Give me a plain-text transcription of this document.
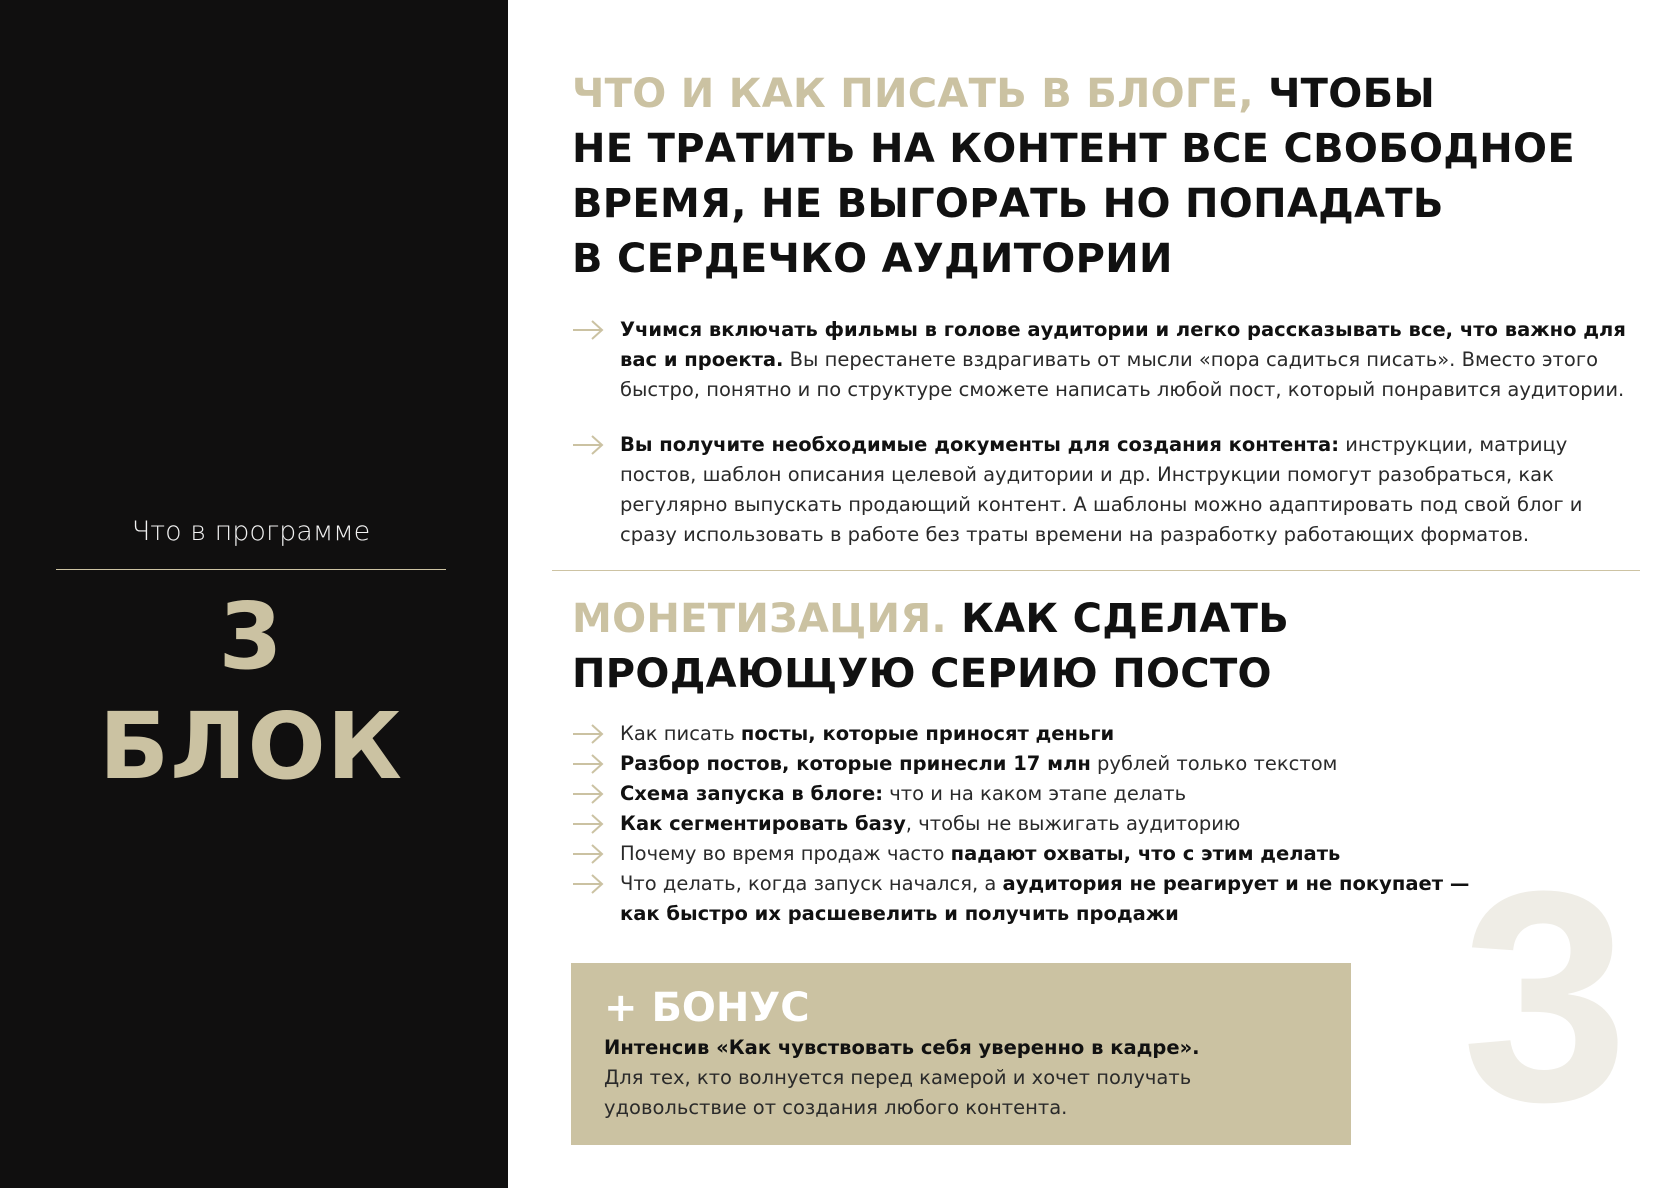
Что в программе
3 БЛОК
3
ЧТО И КАК ПИСАТЬ В БЛОГЕ, ЧТОБЫ
НЕ ТРАТИТЬ НА КОНТЕНТ ВСЕ СВОБОДНОЕ
ВРЕМЯ, НЕ ВЫГОРАТЬ НО ПОПАДАТЬ
В СЕРДЕЧКО АУДИТОРИИ
Учимся включать фильмы в голове аудитории и легко рассказывать все, что важно для вас и проекта. Вы перестанете вздрагивать от мысли «пора садиться писать». Вместо этого быстро, понятно и по структуре сможете написать любой пост, который понравится аудитории.
Вы получите необходимые документы для создания контента: инструкции, матрицу постов, шаблон описания целевой аудитории и др. Инструкции помогут разобраться, как регулярно выпускать продающий контент. А шаблоны можно адаптировать под свой блог и сразу использовать в работе без траты времени на разработку работающих форматов.
МОНЕТИЗАЦИЯ. КАК СДЕЛАТЬ
ПРОДАЮЩУЮ СЕРИЮ ПОСТО
Как писать посты, которые приносят деньги
Разбор постов, которые принесли 17 млн рублей только текстом
Схема запуска в блоге: что и на каком этапе делать
Как сегментировать базу, чтобы не выжигать аудиторию
Почему во время продаж часто падают охваты, что с этим делать
Что делать, когда запуск начался, а аудитория не реагирует и не покупает —
как быстро их расшевелить и получить продажи
+ БОНУС
Интенсив «Как чувствовать себя уверенно в кадре».
Для тех, кто волнуется перед камерой и хочет получать удовольствие от создания любого контента.
